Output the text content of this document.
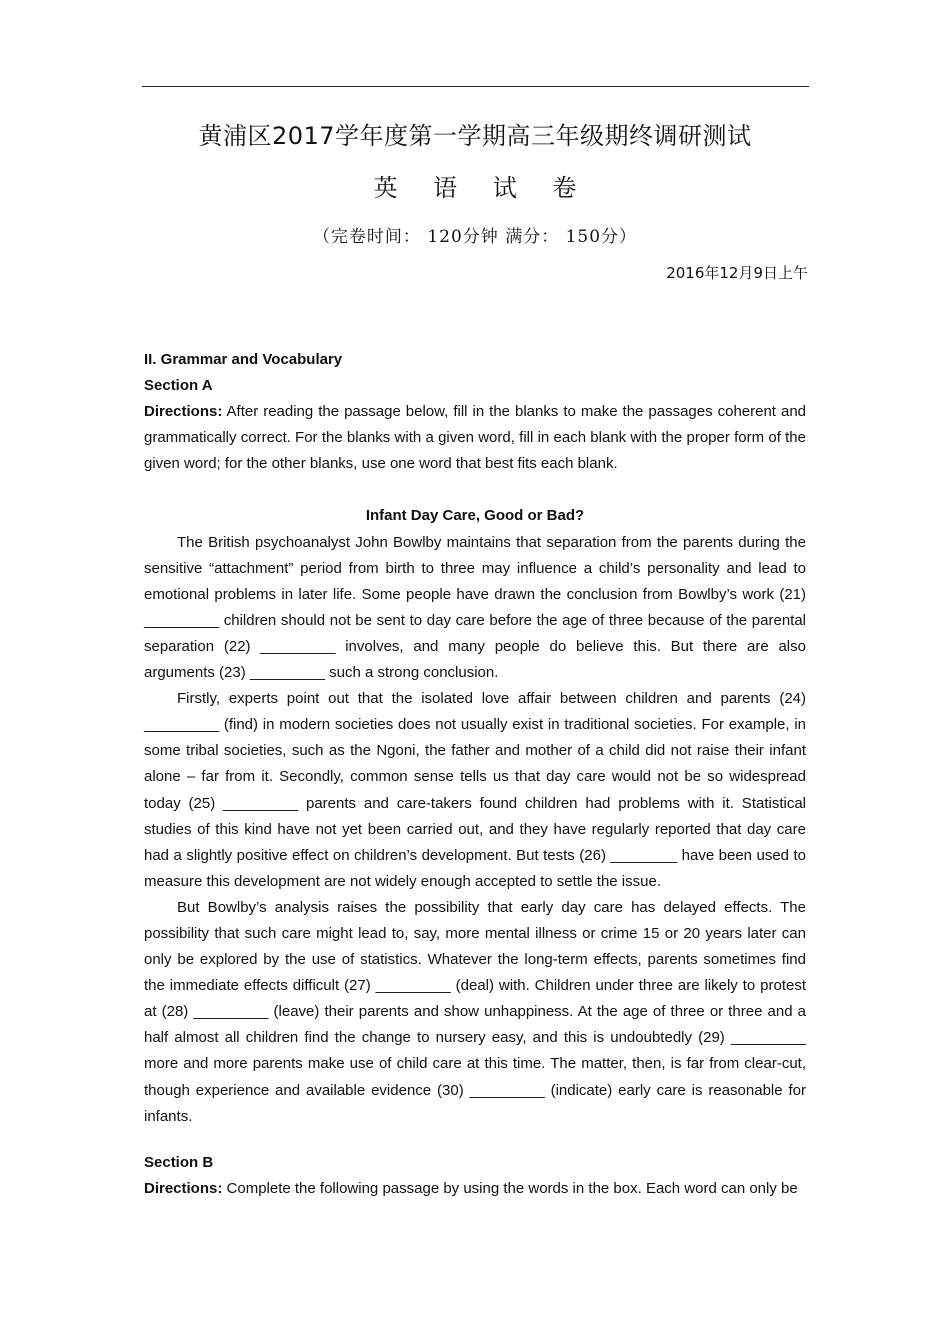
黄浦区2017学年度第一学期高三年级期终调研测试
英 语 试 卷
（完卷时间： 120分钟 满分： 150分）
2016年12月9日上午

II. Grammar and Vocabulary

Section A

Directions: After reading the passage below, fill in the blanks to make the passages coherent and grammatically correct. For the blanks with a given word, fill in each blank with the proper form of the given word; for the other blanks, use one word that best fits each blank.

Infant Day Care, Good or Bad?

The British psychoanalyst John Bowlby maintains that separation from the parents during the sensitive “attachment” period from birth to three may influence a child’s personality and lead to emotional problems in later life. Some people have drawn the conclusion from Bowlby’s work (21) _________ children should not be sent to day care before the age of three because of the parental separation (22) _________ involves, and many people do believe this. But there are also arguments (23) _________ such a strong conclusion.

Firstly, experts point out that the isolated love affair between children and parents (24) _________ (find) in modern societies does not usually exist in traditional societies. For example, in some tribal societies, such as the Ngoni, the father and mother of a child did not raise their infant alone – far from it. Secondly, common sense tells us that day care would not be so widespread today (25) _________ parents and care-takers found children had problems with it. Statistical studies of this kind have not yet been carried out, and they have regularly reported that day care had a slightly positive effect on children’s development. But tests (26) ________ have been used to measure this development are not widely enough accepted to settle the issue.

But Bowlby’s analysis raises the possibility that early day care has delayed effects. The possibility that such care might lead to, say, more mental illness or crime 15 or 20 years later can only be explored by the use of statistics. Whatever the long-term effects, parents sometimes find the immediate effects difficult (27) _________ (deal) with. Children under three are likely to protest at (28) _________ (leave) their parents and show unhappiness. At the age of three or three and a half almost all children find the change to nursery easy, and this is undoubtedly (29) _________ more and more parents make use of child care at this time. The matter, then, is far from clear-cut, though experience and available evidence (30) _________ (indicate) early care is reasonable for infants.

Section B

Directions: Complete the following passage by using the words in the box. Each word can only be
